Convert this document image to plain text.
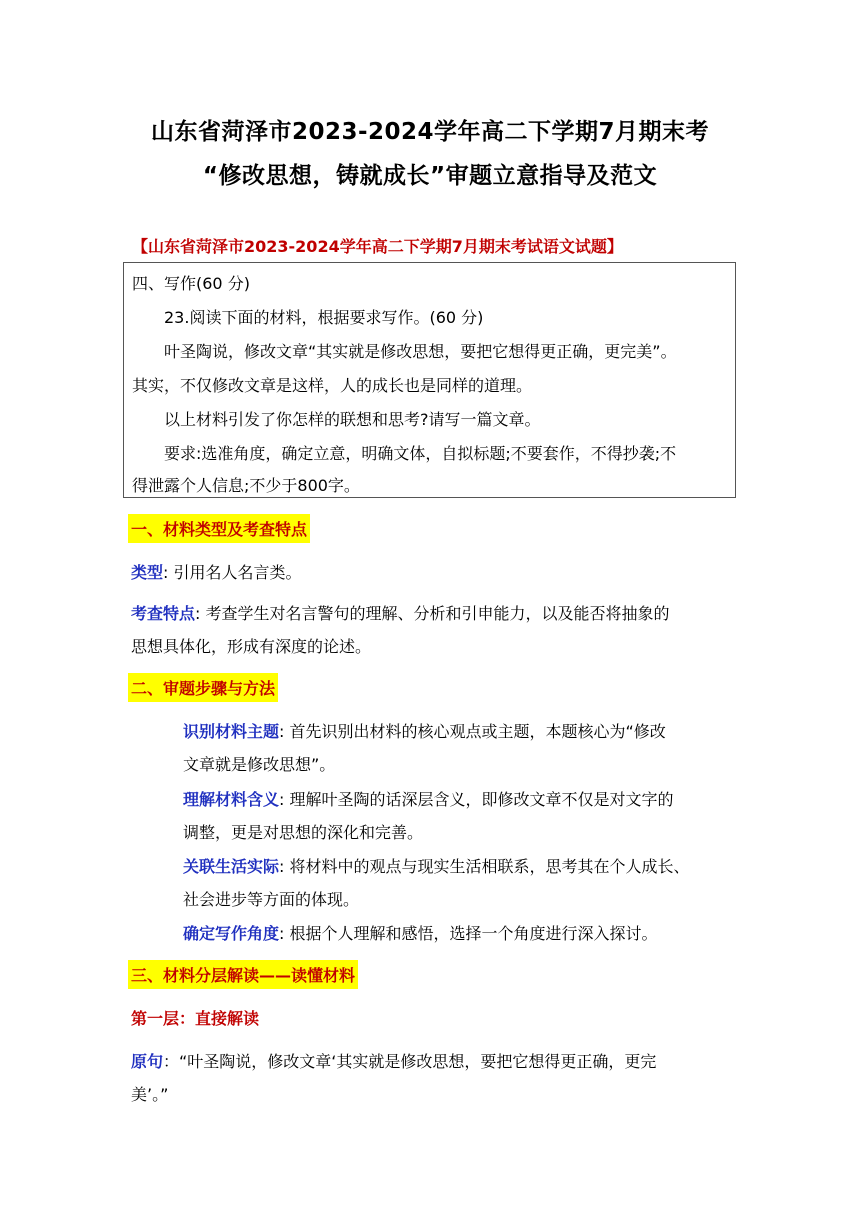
山东省菏泽市2023-2024学年高二下学期7月期末考
“修改思想，铸就成长”审题立意指导及范文
【山东省菏泽市2023-2024学年高二下学期7月期末考试语文试题】
四、写作(60 分)
23.阅读下面的材料，根据要求写作。(60 分)
叶圣陶说，修改文章“其实就是修改思想，要把它想得更正确，更完美”。
其实，不仅修改文章是这样，人的成长也是同样的道理。
以上材料引发了你怎样的联想和思考?请写一篇文章。
要求:选准角度，确定立意，明确文体，自拟标题;不要套作，不得抄袭;不
得泄露个人信息;不少于800字。
一、材料类型及考查特点
类型: 引用名人名言类。
考查特点: 考查学生对名言警句的理解、分析和引申能力，以及能否将抽象的
思想具体化，形成有深度的论述。
二、审题步骤与方法
识别材料主题: 首先识别出材料的核心观点或主题，本题核心为“修改
文章就是修改思想”。
理解材料含义: 理解叶圣陶的话深层含义，即修改文章不仅是对文字的
调整，更是对思想的深化和完善。
关联生活实际: 将材料中的观点与现实生活相联系，思考其在个人成长、
社会进步等方面的体现。
确定写作角度: 根据个人理解和感悟，选择一个角度进行深入探讨。
三、材料分层解读——读懂材料
第一层：直接解读
原句：“叶圣陶说，修改文章‘其实就是修改思想，要把它想得更正确，更完
美’。”
